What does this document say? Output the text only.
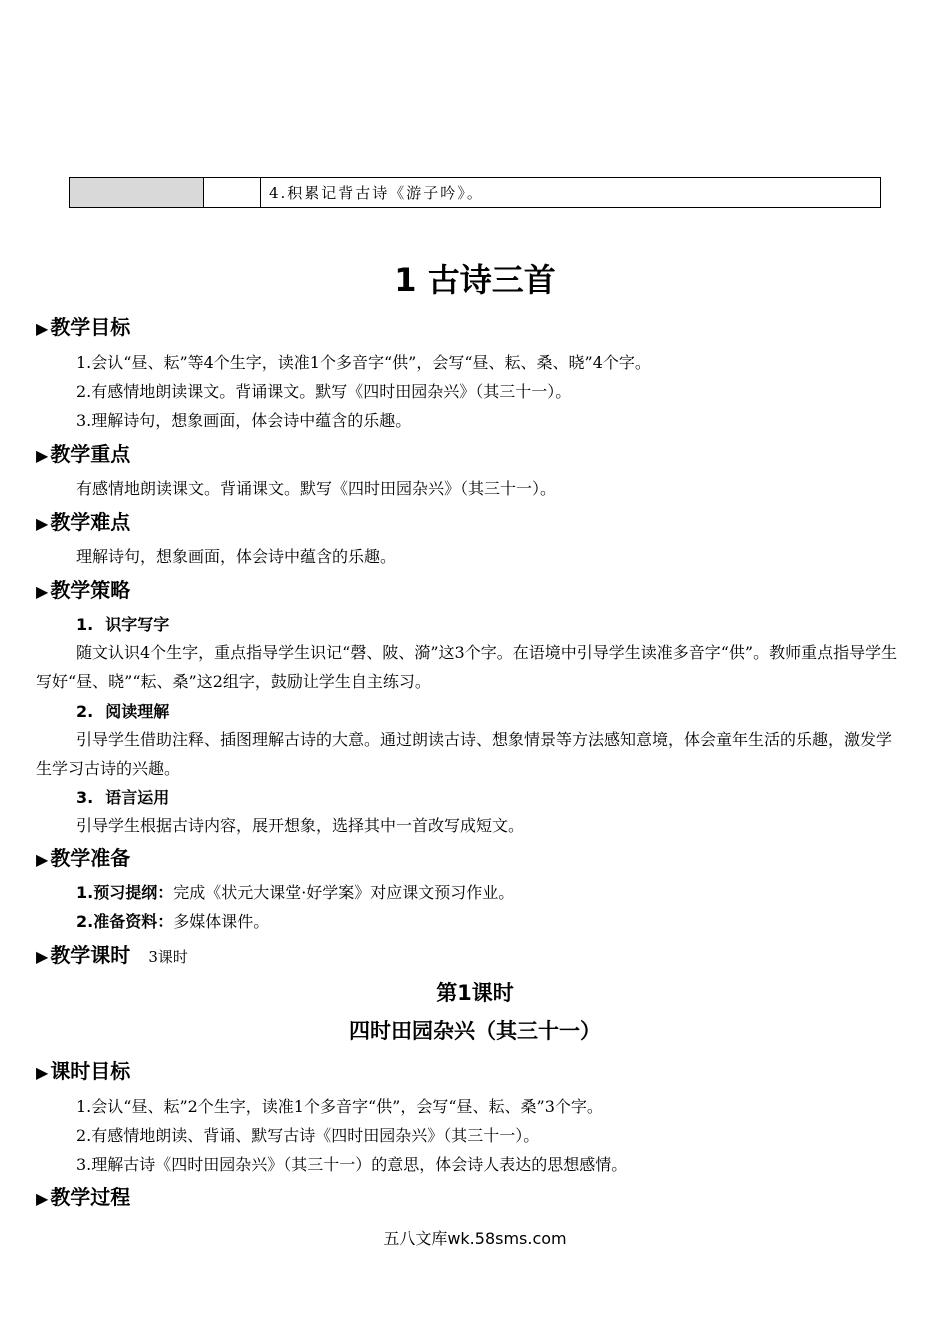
		4.积累记背古诗《游子吟》。
1 古诗三首
▶ 教学目标
1.会认“昼、耘”等4个生字，读准1个多音字“供”，会写“昼、耘、桑、晓”4个字。
2.有感情地朗读课文。背诵课文。默写《四时田园杂兴》（其三十一）。
3.理解诗句，想象画面，体会诗中蕴含的乐趣。
▶ 教学重点
有感情地朗读课文。背诵课文。默写《四时田园杂兴》（其三十一）。
▶ 教学难点
理解诗句，想象画面，体会诗中蕴含的乐趣。
▶ 教学策略
1. 识字写字
随文认识4个生字，重点指导学生识记“磬、陂、漪”这3个字。在语境中引导学生读准多音字“供”。教师重点指导学生写好“昼、晓”“耘、桑”这2组字，鼓励让学生自主练习。
2. 阅读理解
引导学生借助注释、插图理解古诗的大意。通过朗读古诗、想象情景等方法感知意境，体会童年生活的乐趣，激发学生学习古诗的兴趣。
3. 语言运用
引导学生根据古诗内容，展开想象，选择其中一首改写成短文。
▶ 教学准备
1.预习提纲：完成《状元大课堂·好学案》对应课文预习作业。
2.准备资料：多媒体课件。
▶ 教学课时 3课时
第1课时
四时田园杂兴（其三十一）
▶ 课时目标
1.会认“昼、耘”2个生字，读准1个多音字“供”，会写“昼、耘、桑”3个字。
2.有感情地朗读、背诵、默写古诗《四时田园杂兴》（其三十一）。
3.理解古诗《四时田园杂兴》（其三十一）的意思，体会诗人表达的思想感情。
▶ 教学过程
五八文库wk.58sms.com
